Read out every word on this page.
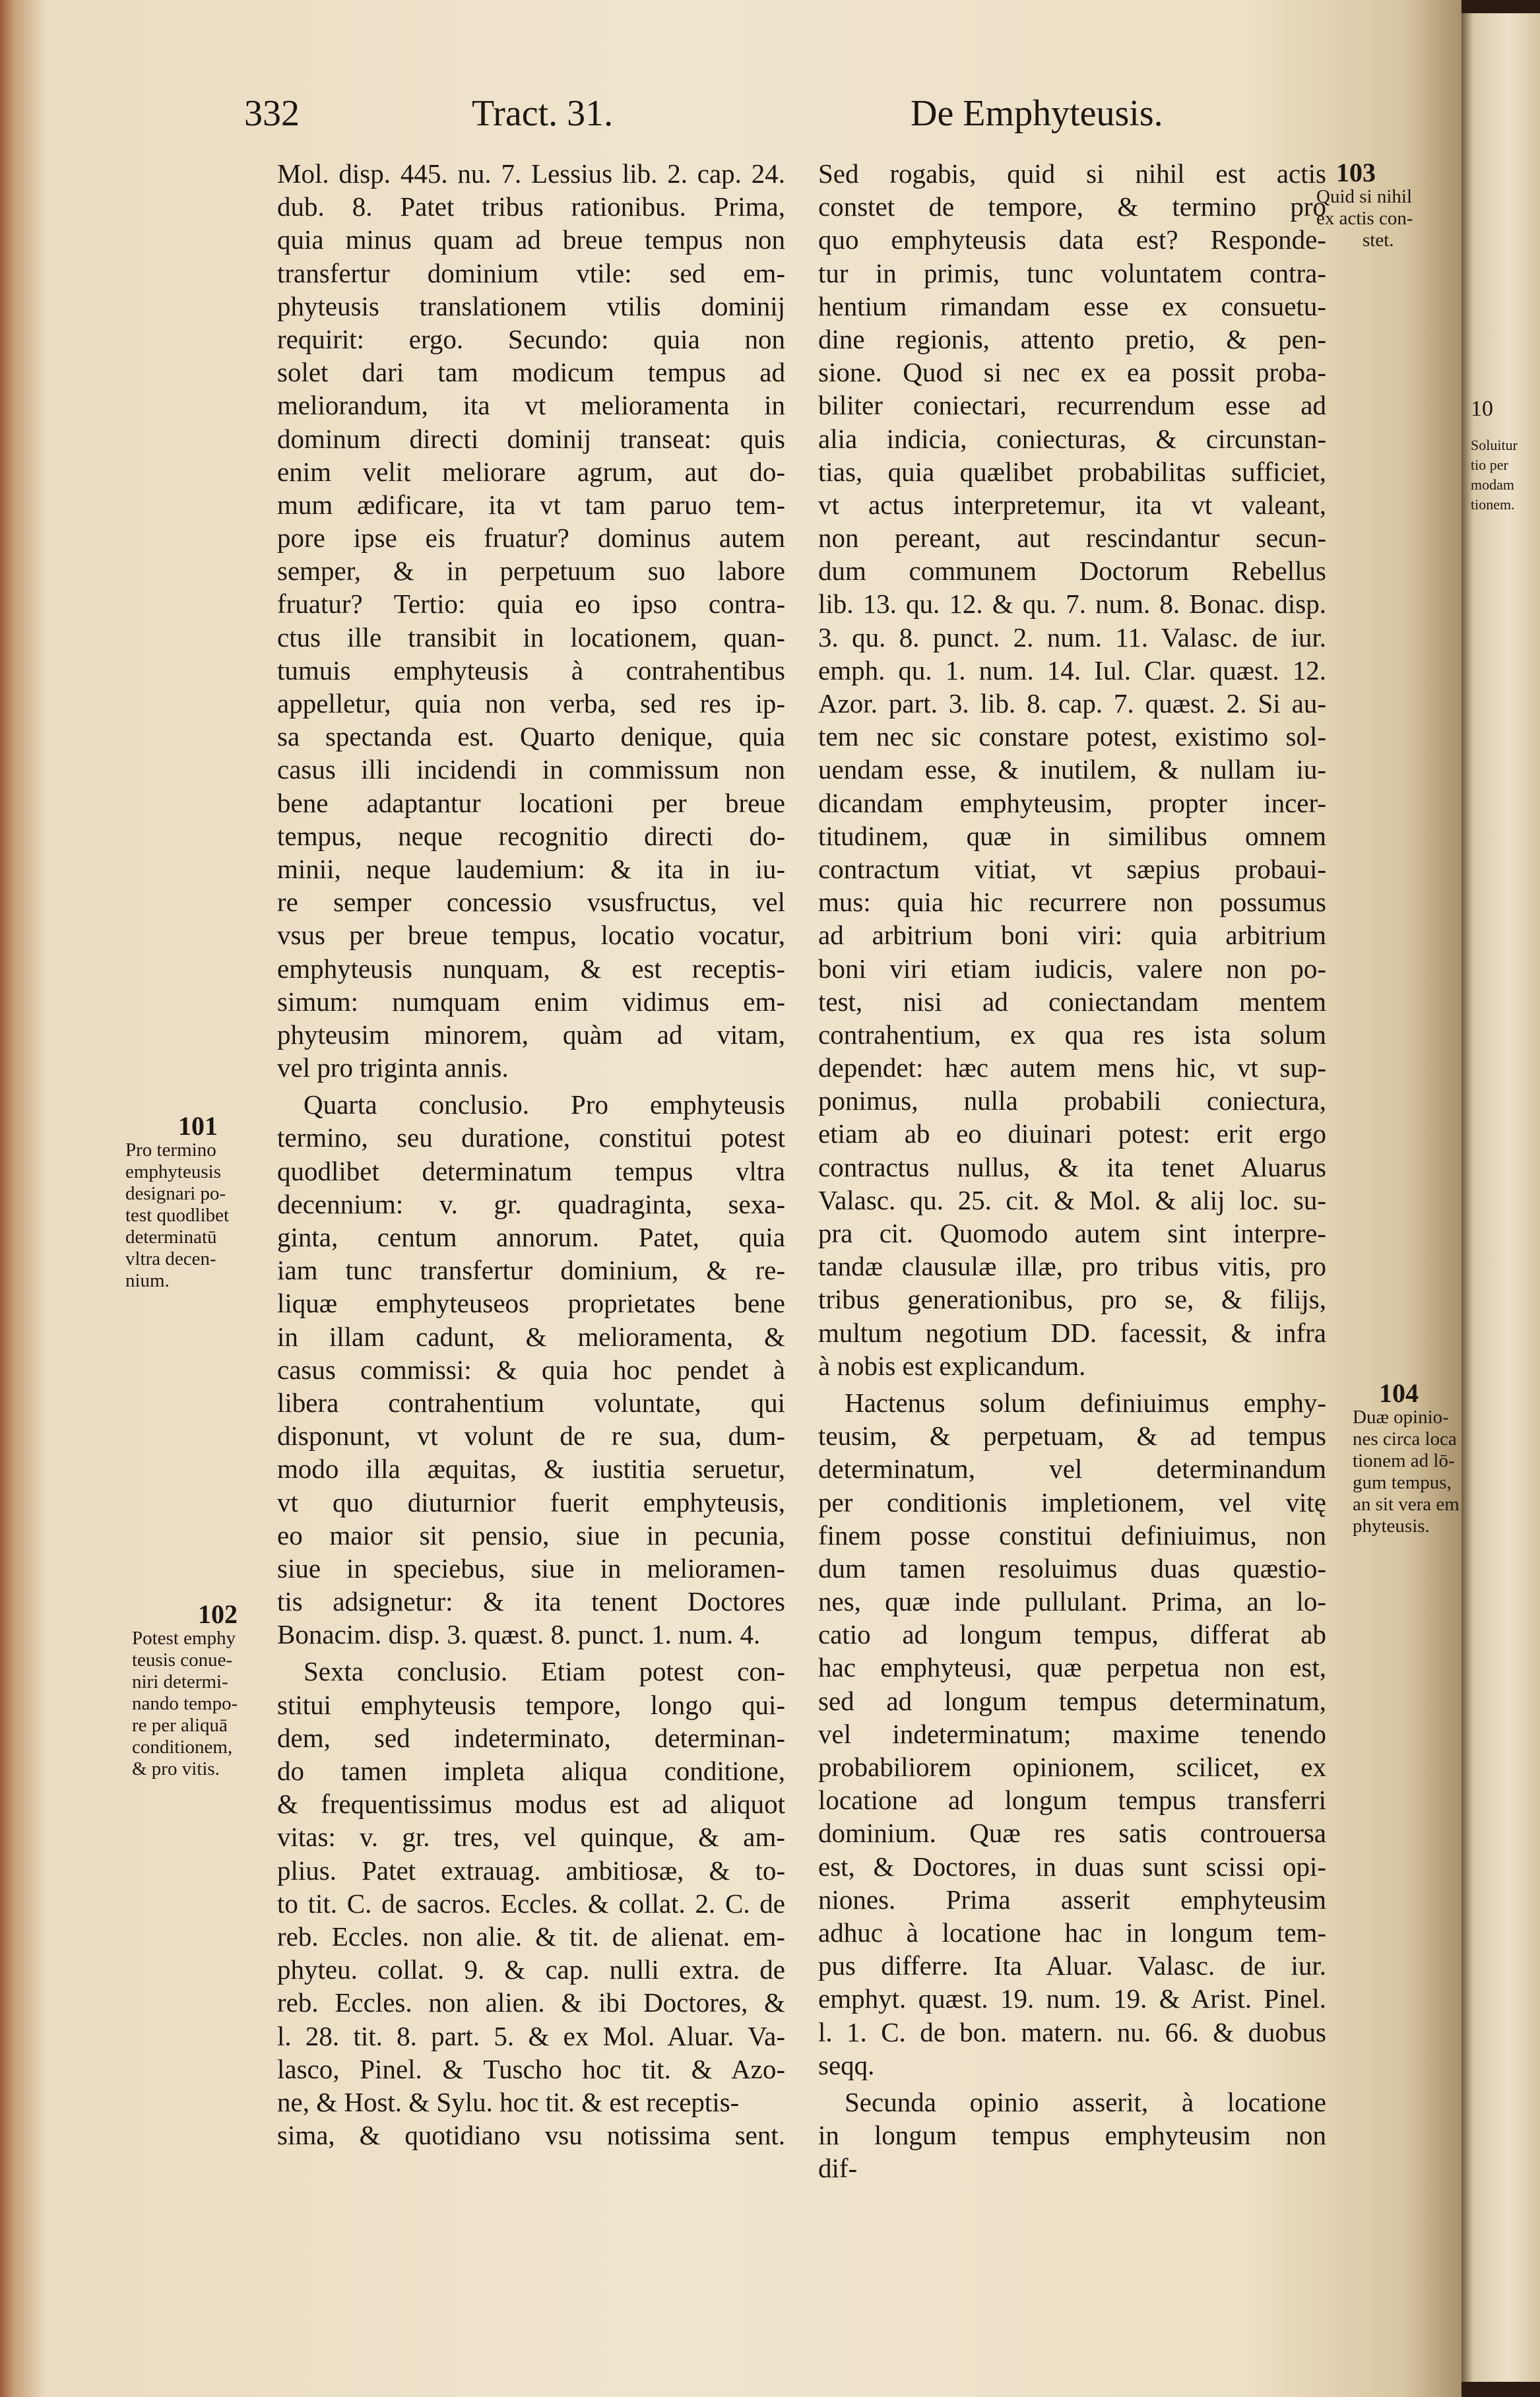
10
Soluitur
tio per
modam
tionem.
332	Tract. 31.	De Emphyteusis.
Mol. disp. 445. nu. 7. Lessius lib. 2. cap. 24.
dub. 8. Patet tribus rationibus. Prima,
quia minus quam ad breue tempus non
transfertur dominium vtile: sed em-
phyteusis translationem vtilis dominij
requirit: ergo. Secundo: quia non
solet dari tam modicum tempus ad
meliorandum, ita vt melioramenta in
dominum directi dominij transeat: quis
enim velit meliorare agrum, aut do-
mum ædificare, ita vt tam paruo tem-
pore ipse eis fruatur? dominus autem
semper, & in perpetuum suo labore
fruatur? Tertio: quia eo ipso contra-
ctus ille transibit in locationem, quan-
tumuis emphyteusis à contrahentibus
appelletur, quia non verba, sed res ip-
sa spectanda est. Quarto denique, quia
casus illi incidendi in commissum non
bene adaptantur locationi per breue
tempus, neque recognitio directi do-
minii, neque laudemium: & ita in iu-
re semper concessio vsusfructus, vel
vsus per breue tempus, locatio vocatur,
emphyteusis nunquam, & est receptis-
simum: numquam enim vidimus em-
phyteusim minorem, quàm ad vitam,
vel pro triginta annis.
Quarta conclusio. Pro emphyteusis
termino, seu duratione, constitui potest
quodlibet determinatum tempus vltra
decennium: v. gr. quadraginta, sexa-
ginta, centum annorum. Patet, quia
iam tunc transfertur dominium, & re-
liquæ emphyteuseos proprietates bene
in illam cadunt, & melioramenta, &
casus commissi: & quia hoc pendet à
libera contrahentium voluntate, qui
disponunt, vt volunt de re sua, dum-
modo illa æquitas, & iustitia seruetur,
vt quo diuturnior fuerit emphyteusis,
eo maior sit pensio, siue in pecunia,
siue in speciebus, siue in melioramen-
tis adsignetur: & ita tenent Doctores
Bonacim. disp. 3. quæst. 8. punct. 1. num. 4.
Sexta conclusio. Etiam potest con-
stitui emphyteusis tempore, longo qui-
dem, sed indeterminato, determinan-
do tamen impleta aliqua conditione,
& frequentissimus modus est ad aliquot
vitas: v. gr. tres, vel quinque, & am-
plius. Patet extrauag. ambitiosæ, & to-
to tit. C. de sacros. Eccles. & collat. 2. C. de
reb. Eccles. non alie. & tit. de alienat. em-
phyteu. collat. 9. & cap. nulli extra. de
reb. Eccles. non alien. & ibi Doctores, &
l. 28. tit. 8. part. 5. & ex Mol. Aluar. Va-
lasco, Pinel. & Tuscho hoc tit. & Azo-
ne, & Host. & Sylu. hoc tit. & est receptis-
sima, & quotidiano vsu notissima sent.
Sed rogabis, quid si nihil est actis
constet de tempore, & termino pro
quo emphyteusis data est? Responde-
tur in primis, tunc voluntatem contra-
hentium rimandam esse ex consuetu-
dine regionis, attento pretio, & pen-
sione. Quod si nec ex ea possit proba-
biliter coniectari, recurrendum esse ad
alia indicia, coniecturas, & circunstan-
tias, quia quælibet probabilitas sufficiet,
vt actus interpretemur, ita vt valeant,
non pereant, aut rescindantur secun-
dum communem Doctorum Rebellus
lib. 13. qu. 12. & qu. 7. num. 8. Bonac. disp.
3. qu. 8. punct. 2. num. 11. Valasc. de iur.
emph. qu. 1. num. 14. Iul. Clar. quæst. 12.
Azor. part. 3. lib. 8. cap. 7. quæst. 2. Si au-
tem nec sic constare potest, existimo sol-
uendam esse, & inutilem, & nullam iu-
dicandam emphyteusim, propter incer-
titudinem, quæ in similibus omnem
contractum vitiat, vt sæpius probaui-
mus: quia hic recurrere non possumus
ad arbitrium boni viri: quia arbitrium
boni viri etiam iudicis, valere non po-
test, nisi ad coniectandam mentem
contrahentium, ex qua res ista solum
dependet: hæc autem mens hic, vt sup-
ponimus, nulla probabili coniectura,
etiam ab eo diuinari potest: erit ergo
contractus nullus, & ita tenet Aluarus
Valasc. qu. 25. cit. & Mol. & alij loc. su-
pra cit. Quomodo autem sint interpre-
tandæ clausulæ illæ, pro tribus vitis, pro
tribus generationibus, pro se, & filijs,
multum negotium DD. facessit, & infra
à nobis est explicandum.
Hactenus solum definiuimus emphy-
teusim, & perpetuam, & ad tempus
determinatum, vel determinandum
per conditionis impletionem, vel vitę
finem posse constitui definiuimus, non
dum tamen resoluimus duas quæstio-
nes, quæ inde pullulant. Prima, an lo-
catio ad longum tempus, differat ab
hac emphyteusi, quæ perpetua non est,
sed ad longum tempus determinatum,
vel indeterminatum; maxime tenendo
probabiliorem opinionem, scilicet, ex
locatione ad longum tempus transferri
dominium. Quæ res satis controuersa
est, & Doctores, in duas sunt scissi opi-
niones. Prima asserit emphyteusim
adhuc à locatione hac in longum tem-
pus differre. Ita Aluar. Valasc. de iur.
emphyt. quæst. 19. num. 19. & Arist. Pinel.
l. 1. C. de bon. matern. nu. 66. & duobus
seqq.
Secunda opinio asserit, à locatione
in longum tempus emphyteusim non
dif-
101
Pro termino
emphyteusis
designari po-
test quodlibet
determinatū
vltra decen-
nium.
102
Potest emphy
teusis conue-
niri determi-
nando tempo-
re per aliquā
conditionem,
& pro vitis.
103
Quid si nihil
ex actis con-
stet.
104
Duæ opinio-
nes circa loca
tionem ad lō-
gum tempus,
an sit vera em
phyteusis.
